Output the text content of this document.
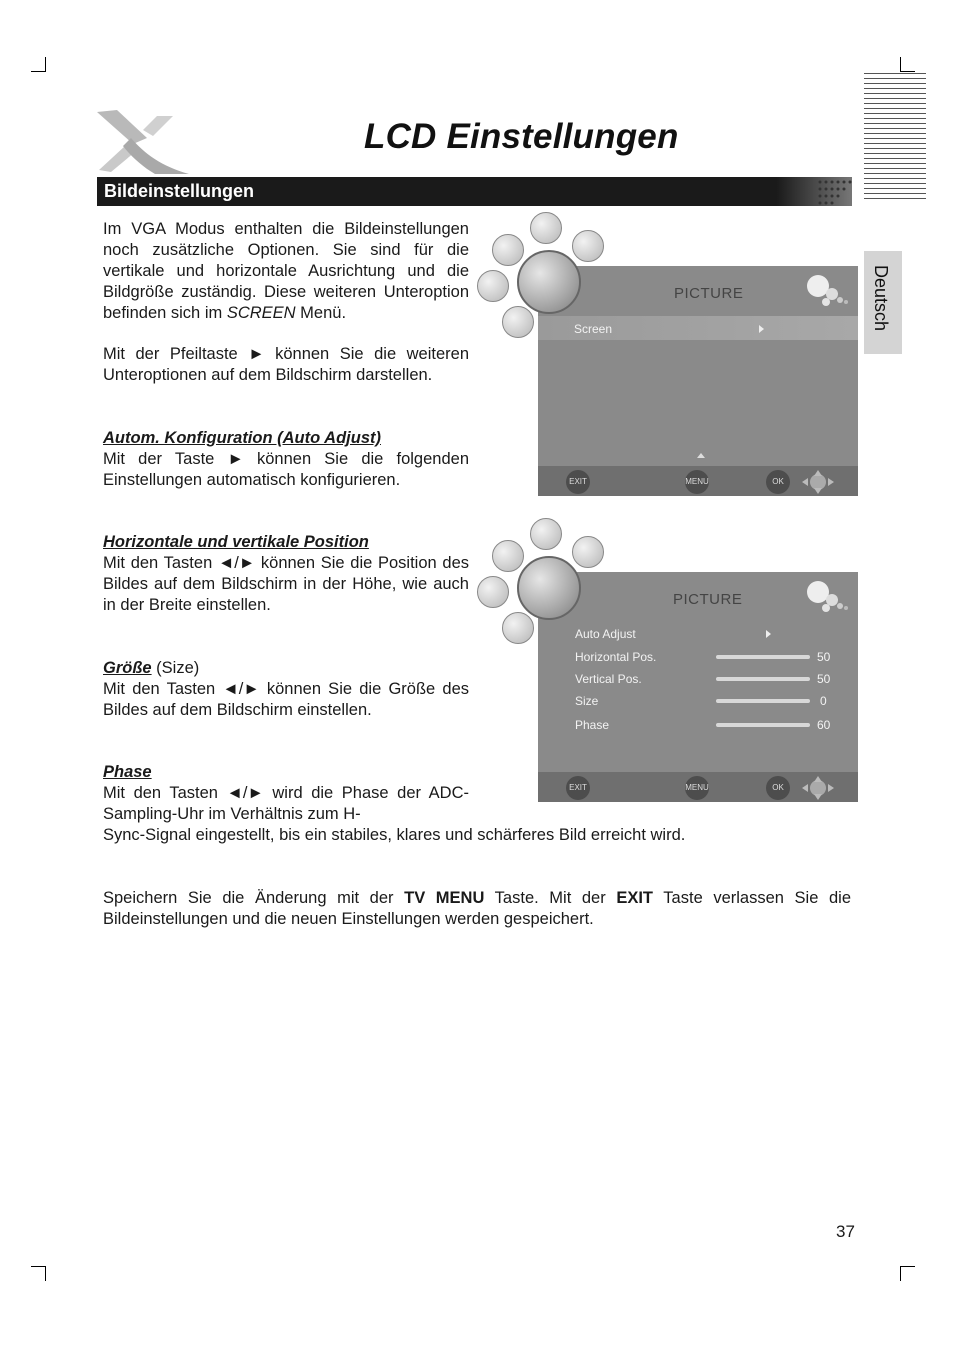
LCD Einstellungen
Bildeinstellungen
Deutsch
Im VGA Modus enthalten die Bildeinstellungen noch zusätzliche Optionen. Sie sind für die vertikale und horizontale Ausrichtung und die Bildgröße zuständig. Diese weiteren Unteroption befinden sich im SCREEN Menü.
Mit der Pfeiltaste ► können Sie die weiteren Unteroptionen auf dem Bildschirm darstellen.
Autom. Konfiguration (Auto Adjust)
Mit der Taste ► können Sie die folgenden Einstellungen automatisch konfigurieren.
Horizontale und vertikale Position
Mit den Tasten ◄/► können Sie die Position des Bildes auf dem Bildschirm in der Höhe, wie auch in der Breite einstellen.
Größe (Size)
Mit den Tasten ◄/► können Sie die Größe des Bildes auf dem Bildschirm einstellen.
Phase
Mit den Tasten ◄/► wird die Phase der ADC-Sampling-Uhr im Verhältnis zum H-
Sync-Signal eingestellt, bis ein stabiles, klares und schärferes Bild erreicht wird.
Speichern Sie die Änderung mit der TV MENU Taste. Mit der EXIT Taste verlassen Sie die Bildeinstellungen und die neuen Einstellungen werden gespeichert.
PICTURE
Screen
EXIT	MENU	OK
PICTURE
Auto Adjust
Horizontal Pos.	50
Vertical Pos.	50
Size	0
Phase	60
EXIT	MENU	OK
37
